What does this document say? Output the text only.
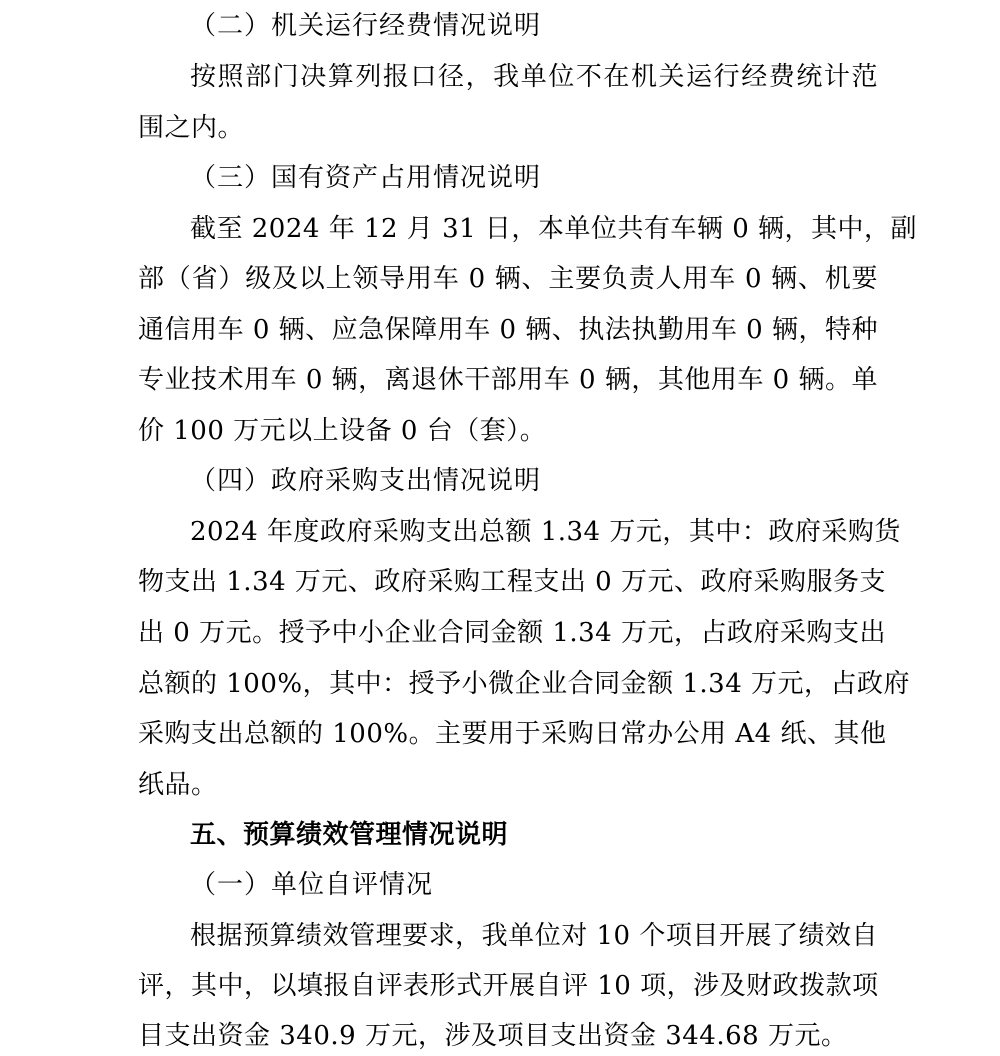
（二）机关运行经费情况说明
按照部门决算列报口径，我单位不在机关运行经费统计范
围之内。
（三）国有资产占用情况说明
截至 2024 年 12 月 31 日，本单位共有车辆 0 辆，其中，副
部（省）级及以上领导用车 0 辆、主要负责人用车 0 辆、机要
通信用车 0 辆、应急保障用车 0 辆、执法执勤用车 0 辆，特种
专业技术用车 0 辆，离退休干部用车 0 辆，其他用车 0 辆。单
价 100 万元以上设备 0 台（套）。
（四）政府采购支出情况说明
2024 年度政府采购支出总额 1.34 万元，其中：政府采购货
物支出 1.34 万元、政府采购工程支出 0 万元、政府采购服务支
出 0 万元。授予中小企业合同金额 1.34 万元，占政府采购支出
总额的 100%，其中：授予小微企业合同金额 1.34 万元，占政府
采购支出总额的 100%。主要用于采购日常办公用 A4 纸、其他
纸品。
五、预算绩效管理情况说明
（一）单位自评情况
根据预算绩效管理要求，我单位对 10 个项目开展了绩效自
评，其中，以填报自评表形式开展自评 10 项，涉及财政拨款项
目支出资金 340.9 万元，涉及项目支出资金 344.68 万元。
